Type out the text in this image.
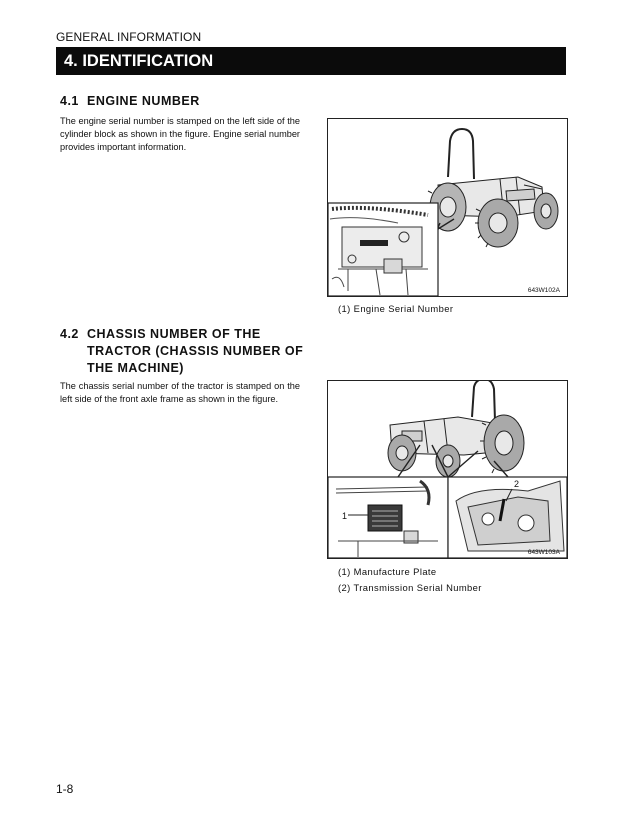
GENERAL INFORMATION
4. IDENTIFICATION
4.1 ENGINE NUMBER
The engine serial number is stamped on the left side of the cylinder block as shown in the figure. Engine serial number provides important information.
643W102A
(1) Engine Serial Number
4.2 CHASSIS NUMBER OF THE
TRACTOR (CHASSIS NUMBER OF
THE MACHINE)
The chassis serial number of the tractor is stamped on the left side of the front axle frame as shown in the figure.
1
2
643W103A
(1) Manufacture Plate
(2) Transmission Serial Number
1-8
